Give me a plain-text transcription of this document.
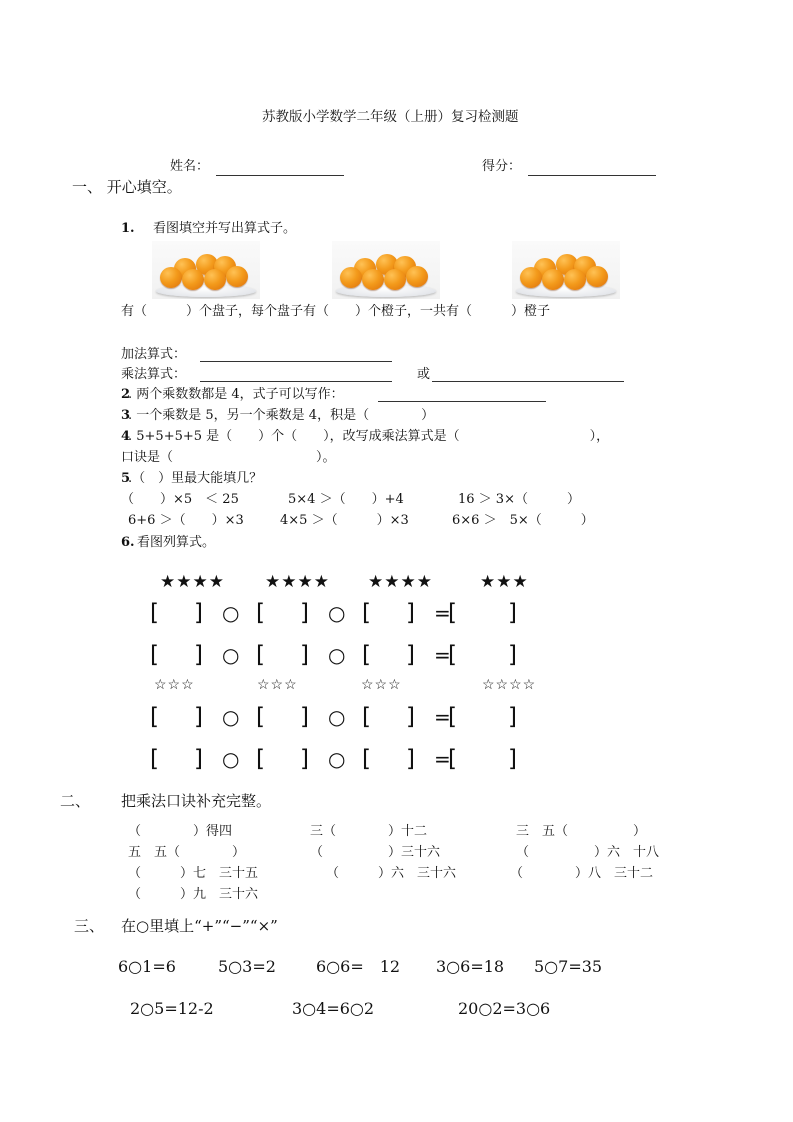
苏教版小学数学二年级（上册）复习检测题
姓名：	得分：
一、 开心填空。
1. 看图填空并写出算式子。
有（　　　）个盘子，每个盘子有（　　）个橙子，一共有（　　　）橙子
加法算式：
乘法算式：	或
2
. 两个乘数数都是 4，式子可以写作：
3
. 一个乘数是 5，另一个乘数是 4，积是（　　　　）
4
. 5+5+5+5 是（　　）个（　　），改写成乘法算式是（　　　　　　　　　　），
口诀是（　　　　　　　　　　　）。
5
.（　）里最大能填几？
（　　）×5　＜ 25	5×4 ＞（　　）+4	16 ＞ 3×（　　　）
6+6 ＞（　　）×3	4×5 ＞（　　　）×3	6×6 ＞　5×（　　　）
6. 看图列算式。
★★★★ ★★★★ ★★★★	★★★
[ ] ○ [ ] ○ [ ] =
[ ]
[ ] ○ [ ] ○ [ ] =
[ ]
☆☆☆	☆☆☆	☆☆☆	☆☆☆☆
[ ] ○ [ ] ○ [ ] =
[ ]
[ ] ○ [ ] ○ [ ] =
[ ]
二、 把乘法口诀补充完整。
（　　　　）得四	三（　　　　）十二	三　五（　　　　　）
五　五（　　　　）	（　　　　　）三十六	（　　　　　）六　十八
（　　　）七　三十五	（　　　）六　三十六	（　　　　）八　三十二
（　　　）九　三十六
三、 在○里填上“+”“−”“×”
6○1=6	5○3=2	6○6=　12 3○6=18 5○7=35
2○5=12-2	3○4=6○2	20○2=3○6
